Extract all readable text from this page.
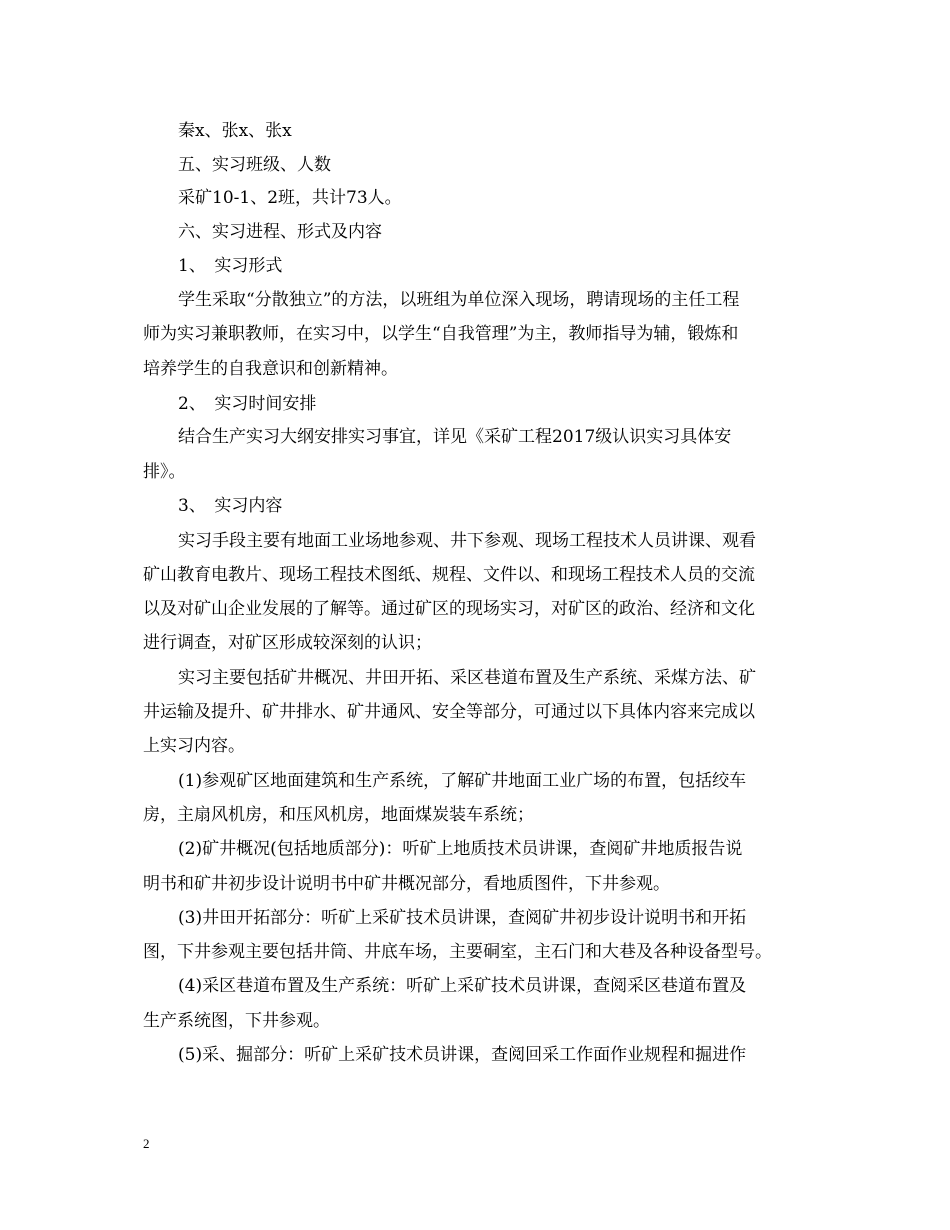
秦x、张x、张x
五、实习班级、人数
采矿10-1、2班，共计73人。
六、实习进程、形式及内容
1、　实习形式
学生采取“分散独立”的方法，以班组为单位深入现场，聘请现场的主任工程
师为实习兼职教师，在实习中，以学生“自我管理”为主，教师指导为辅，锻炼和
培养学生的自我意识和创新精神。
2、　实习时间安排
结合生产实习大纲安排实习事宜，详见《采矿工程2017级认识实习具体安
排》。
3、　实习内容
实习手段主要有地面工业场地参观、井下参观、现场工程技术人员讲课、观看
矿山教育电教片、现场工程技术图纸、规程、文件以、和现场工程技术人员的交流
以及对矿山企业发展的了解等。通过矿区的现场实习，对矿区的政治、经济和文化
进行调查，对矿区形成较深刻的认识；
实习主要包括矿井概况、井田开拓、采区巷道布置及生产系统、采煤方法、矿
井运输及提升、矿井排水、矿井通风、安全等部分，可通过以下具体内容来完成以
上实习内容。
(1)参观矿区地面建筑和生产系统，了解矿井地面工业广场的布置，包括绞车
房，主扇风机房，和压风机房，地面煤炭装车系统；
(2)矿井概况(包括地质部分)：听矿上地质技术员讲课，查阅矿井地质报告说
明书和矿井初步设计说明书中矿井概况部分，看地质图件，下井参观。
(3)井田开拓部分：听矿上采矿技术员讲课，查阅矿井初步设计说明书和开拓
图，下井参观主要包括井筒、井底车场，主要硐室，主石门和大巷及各种设备型号。
(4)采区巷道布置及生产系统：听矿上采矿技术员讲课，查阅采区巷道布置及
生产系统图，下井参观。
(5)采、掘部分：听矿上采矿技术员讲课，查阅回采工作面作业规程和掘进作
2
